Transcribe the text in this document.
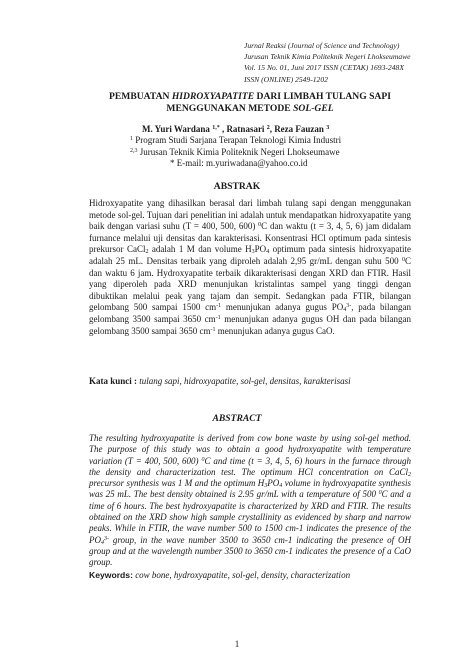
Jurnal Reaksi (Journal of Science and Technology)
Jurusan Teknik Kimia Politeknik Negeri Lhokseumawe
Vol. 15 No. 01, Juni 2017 ISSN (CETAK) 1693-248X
ISSN (ONLINE) 2549-1202
PEMBUATAN HIDROXYAPATITE DARI LIMBAH TULANG SAPI
MENGGUNAKAN METODE SOL-GEL
M. Yuri Wardana $^{1,*}$ , Ratnasari $^2$, Reza Fauzan $^3$
$^1$ Program Studi Sarjana Terapan Teknologi Kimia Industri
$^{2,3}$ Jurusan Teknik Kimia Politeknik Negeri Lhokseumawe
* E-mail: m.yuriwadana@yahoo.co.id
ABSTRAK
Hidroxyapatite yang dihasilkan berasal dari limbah tulang sapi dengan menggunakan metode sol-gel. Tujuan dari penelitian ini adalah untuk mendapatkan hidroxyapatite yang baik dengan variasi suhu (T = 400, 500, 600) $^0$C dan waktu (t = 3, 4, 5, 6) jam didalam furnance melalui uji densitas dan karakterisasi. Konsentrasi HCl optimum pada sintesis prekursor CaCl$_2$ adalah 1 M dan volume $H_3PO_4$ optimum pada sintesis hidroxyapatite adalah 25 mL. Densitas terbaik yang diproleh adalah 2,95 gr/mL dengan suhu 500 $^0$C dan waktu 6 jam. Hydroxyapatite terbaik dikarakterisasi dengan XRD dan FTIR. Hasil yang diperoleh pada XRD menunjukan kristalintas sampel yang tinggi dengan dibuktikan melalui peak yang tajam dan sempit. Sedangkan pada FTIR, bilangan gelombang 500 sampai 1500 $cm^{-1}$ menunjukan adanya gugus $PO_4^{3-}$, pada bilangan gelombang 3500 sampai 3650 $cm^{-1}$ menunjukan adanya gugus OH dan pada bilangan gelombang 3500 sampai 3650 $cm^{-1}$ menunjukan adanya gugus CaO.
Kata kunci : tulang sapi, hidroxyapatite, sol-gel, densitas, karakterisasi
ABSTRACT
The resulting hydroxyapatite is derived from cow bone waste by using sol-gel method. The purpose of this study was to obtain a good hydroxyapatite with temperature variation (T = 400, 500, 600) $^0$C and time (t = 3, 4, 5, 6) hours in the furnace through the density and characterization test. The optimum HCl concentration on CaCl$_2$ precursor synthesis was 1 M and the optimum $H_3PO_4$ volume in hydroxyapatite synthesis was 25 mL. The best density obtained is 2.95 gr/mL with a temperature of 500 $^0$C and a time of 6 hours. The best hydroxyapatite is characterized by XRD and FTIR. The results obtained on the XRD show high sample crystallinity as evidenced by sharp and narrow peaks. While in FTIR, the wave number 500 to 1500 cm-1 indicates the presence of the $PO_4^{3-}$ group, in the wave number 3500 to 3650 cm-1 indicating the presence of OH group and at the wavelength number 3500 to 3650 cm-1 indicates the presence of a CaO group.
Keywords: cow bone, hydroxyapatite, sol-gel, density, characterization
1
